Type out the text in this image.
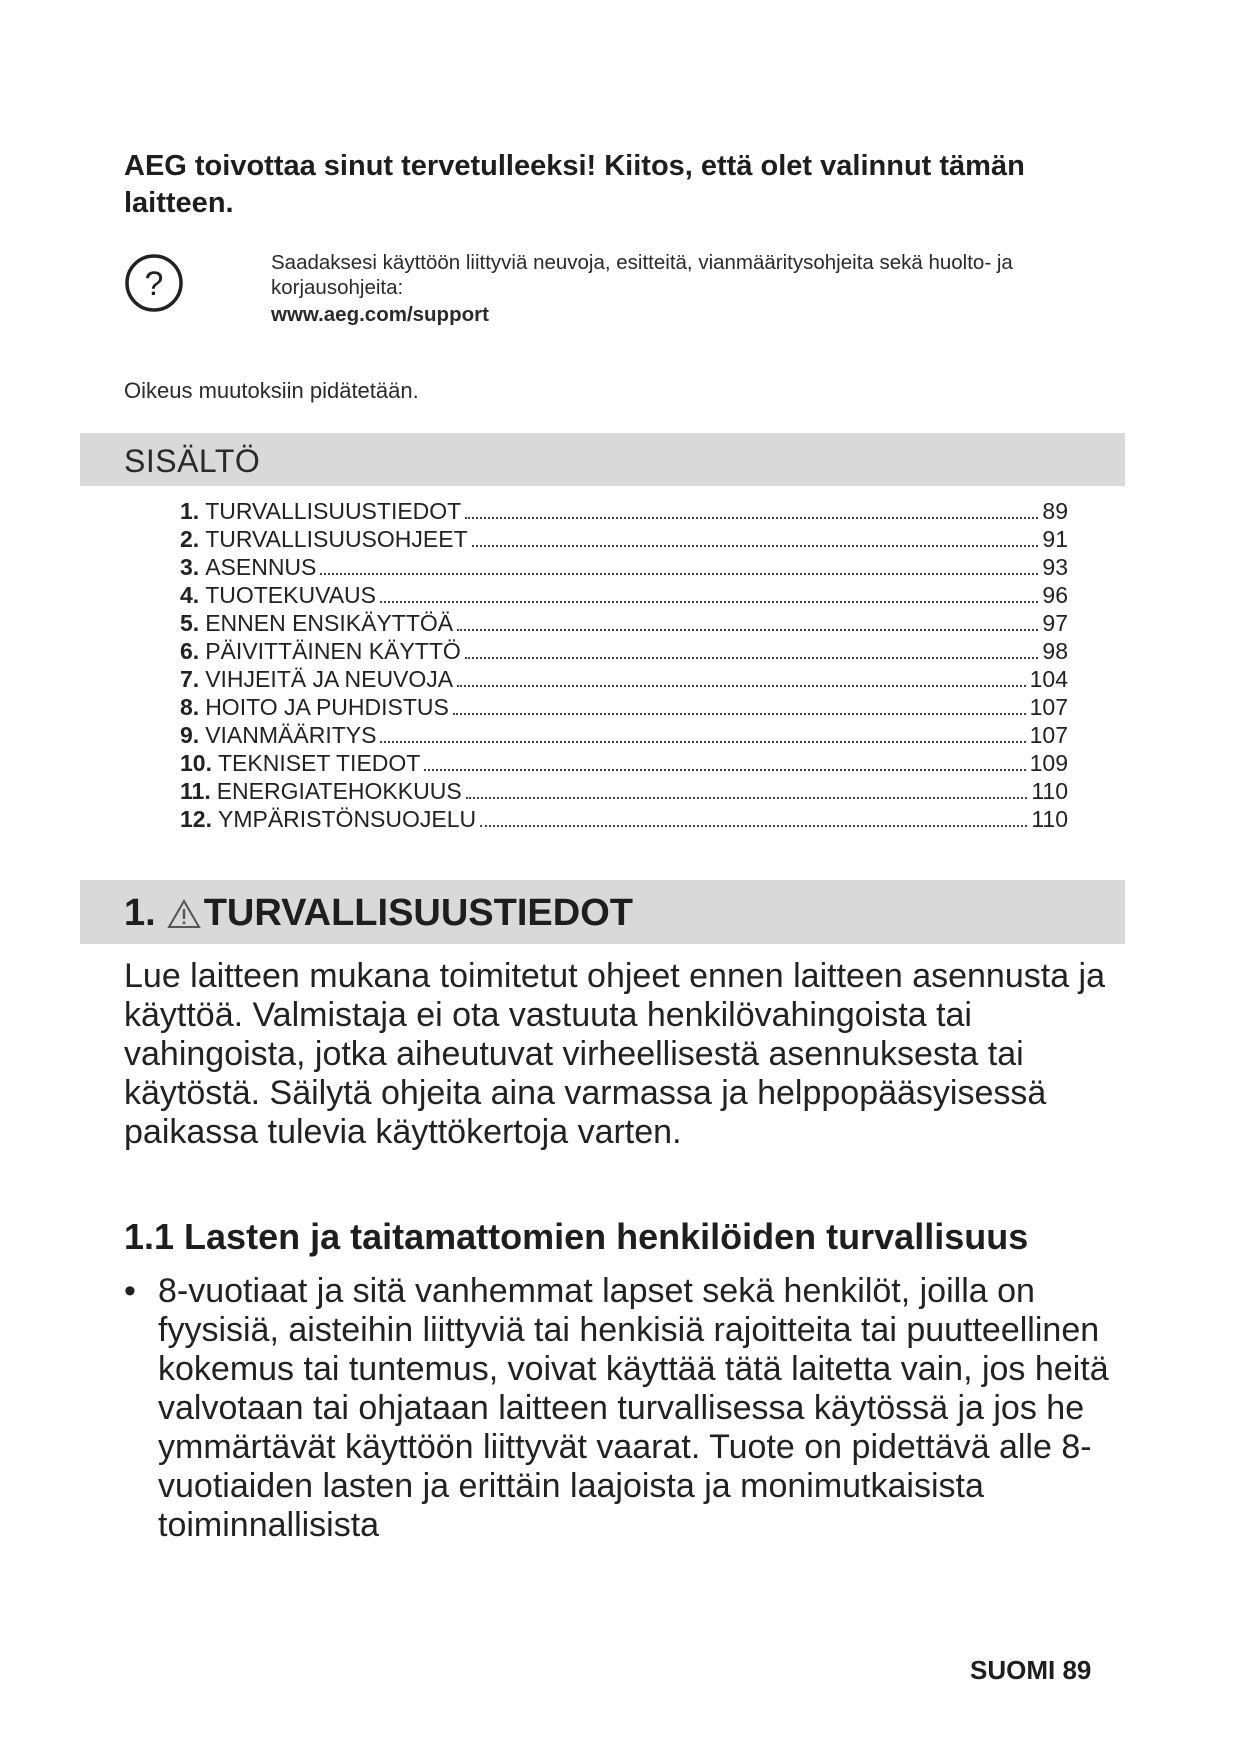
AEG toivottaa sinut tervetulleeksi! Kiitos, että olet valinnut tämän laitteen.
?
Saadaksesi käyttöön liittyviä neuvoja, esitteitä, vianmääritysohjeita sekä huolto- ja korjausohjeita:
www.aeg.com/support
Oikeus muutoksiin pidätetään.
SISÄLTÖ
1. TURVALLISUUSTIEDOT	89
2. TURVALLISUUSOHJEET	91
3. ASENNUS	93
4. TUOTEKUVAUS	96
5. ENNEN ENSIKÄYTTÖÄ	97
6. PÄIVITTÄINEN KÄYTTÖ	98
7. VIHJEITÄ JA NEUVOJA	104
8. HOITO JA PUHDISTUS	107
9. VIANMÄÄRITYS	107
10. TEKNISET TIEDOT	109
11. ENERGIATEHOKKUUS	110
12. YMPÄRISTÖNSUOJELU	110
1. TURVALLISUUSTIEDOT

Lue laitteen mukana toimitetut ohjeet ennen laitteen asennusta ja käyttöä. Valmistaja ei ota vastuuta henkilövahingoista tai vahingoista, jotka aiheutuvat virheellisestä asennuksesta tai käytöstä. Säilytä ohjeita aina varmassa ja helppopääsyisessä paikassa tulevia käyttökertoja varten.

1.1 Lasten ja taitamattomien henkilöiden turvallisuus
• 8-vuotiaat ja sitä vanhemmat lapset sekä henkilöt, joilla on fyysisiä, aisteihin liittyviä tai henkisiä rajoitteita tai puutteellinen kokemus tai tuntemus, voivat käyttää tätä laitetta vain, jos heitä valvotaan tai ohjataan laitteen turvallisessa käytössä ja jos he ymmärtävät käyttöön liittyvät vaarat. Tuote on pidettävä alle 8-vuotiaiden lasten ja erittäin laajoista ja monimutkaisista toiminnallisista
SUOMI 89
